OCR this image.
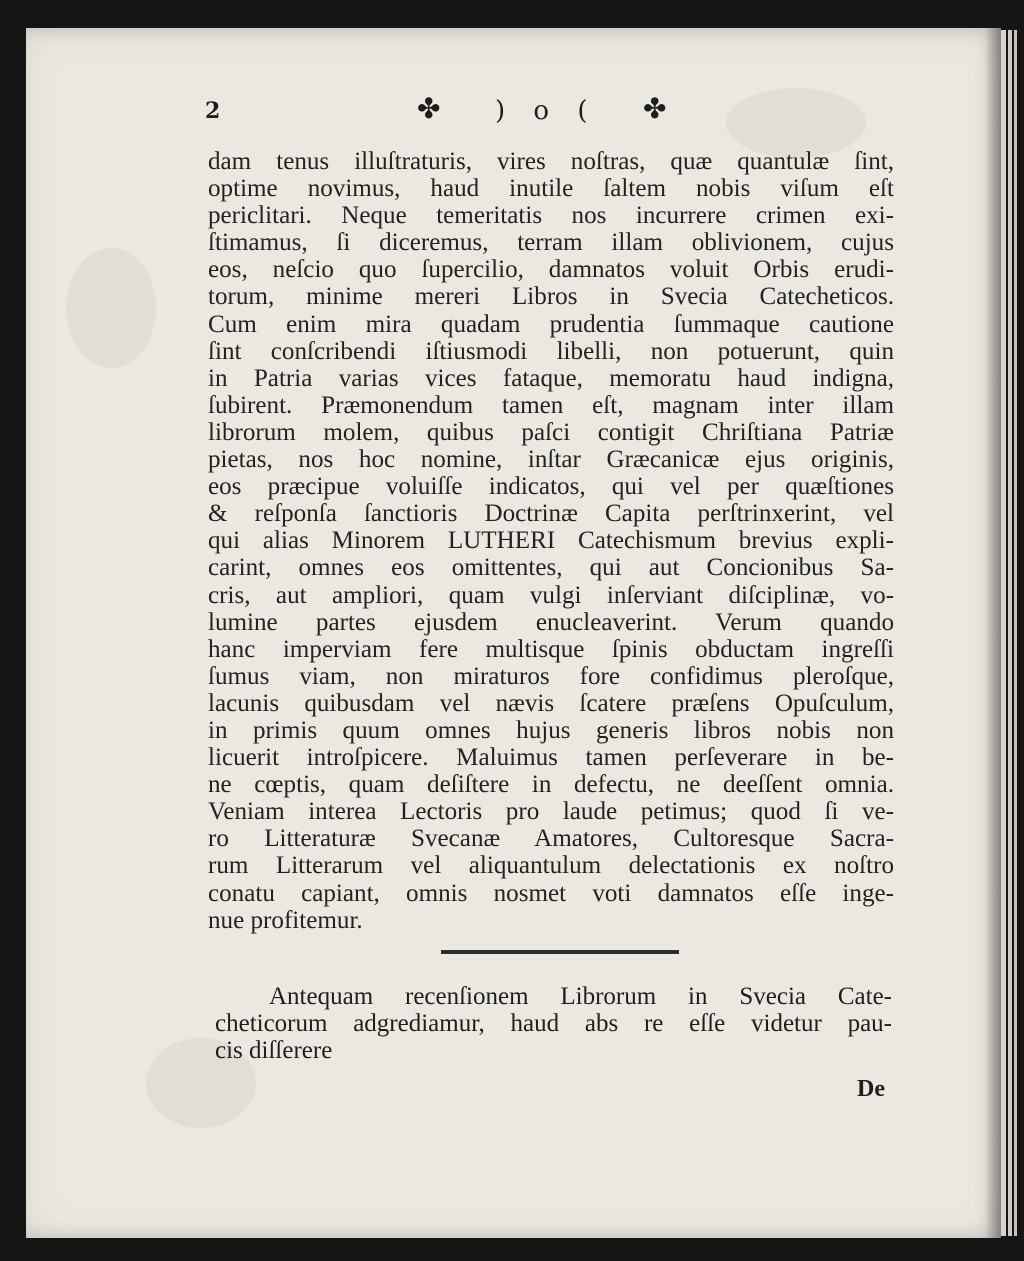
2	✤ ) o ( ✤
dam tenus illuſtraturis, vires noſtras, quæ quantulæ ſint,
optime novimus, haud inutile ſaltem nobis viſum eſt
periclitari. Neque temeritatis nos incurrere crimen exi-
ſtimamus, ſi diceremus, terram illam oblivionem, cujus
eos, neſcio quo ſupercilio, damnatos voluit Orbis erudi-
torum, minime mereri Libros in Svecia Catecheticos.
Cum enim mira quadam prudentia ſummaque cautione
ſint conſcribendi iſtiusmodi libelli, non potuerunt, quin
in Patria varias vices fataque, memoratu haud indigna,
ſubirent. Præmonendum tamen eſt, magnam inter illam
librorum molem, quibus paſci contigit Chriſtiana Patriæ
pietas, nos hoc nomine, inſtar Græcanicæ ejus originis,
eos præcipue voluiſſe indicatos, qui vel per quæſtiones
& reſponſa ſanctioris Doctrinæ Capita perſtrinxerint, vel
qui alias Minorem LUTHERI Catechismum brevius expli-
carint, omnes eos omittentes, qui aut Concionibus Sa-
cris, aut ampliori, quam vulgi inſerviant diſciplinæ, vo-
lumine partes ejusdem enucleaverint. Verum quando
hanc imperviam fere multisque ſpinis obductam ingreſſi
ſumus viam, non miraturos fore confidimus pleroſque,
lacunis quibusdam vel nævis ſcatere præſens Opuſculum,
in primis quum omnes hujus generis libros nobis non
licuerit introſpicere. Maluimus tamen perſeverare in be-
ne cœptis, quam deſiſtere in defectu, ne deeſſent omnia.
Veniam interea Lectoris pro laude petimus; quod ſi ve-
ro Litteraturæ Svecanæ Amatores, Cultoresque Sacra-
rum Litterarum vel aliquantulum delectationis ex noſtro
conatu capiant, omnis nosmet voti damnatos eſſe inge-
nue profitemur.
Antequam recenſionem Librorum in Svecia Cate-
cheticorum adgrediamur, haud abs re eſſe videtur pau-
cis diſſerere
De
